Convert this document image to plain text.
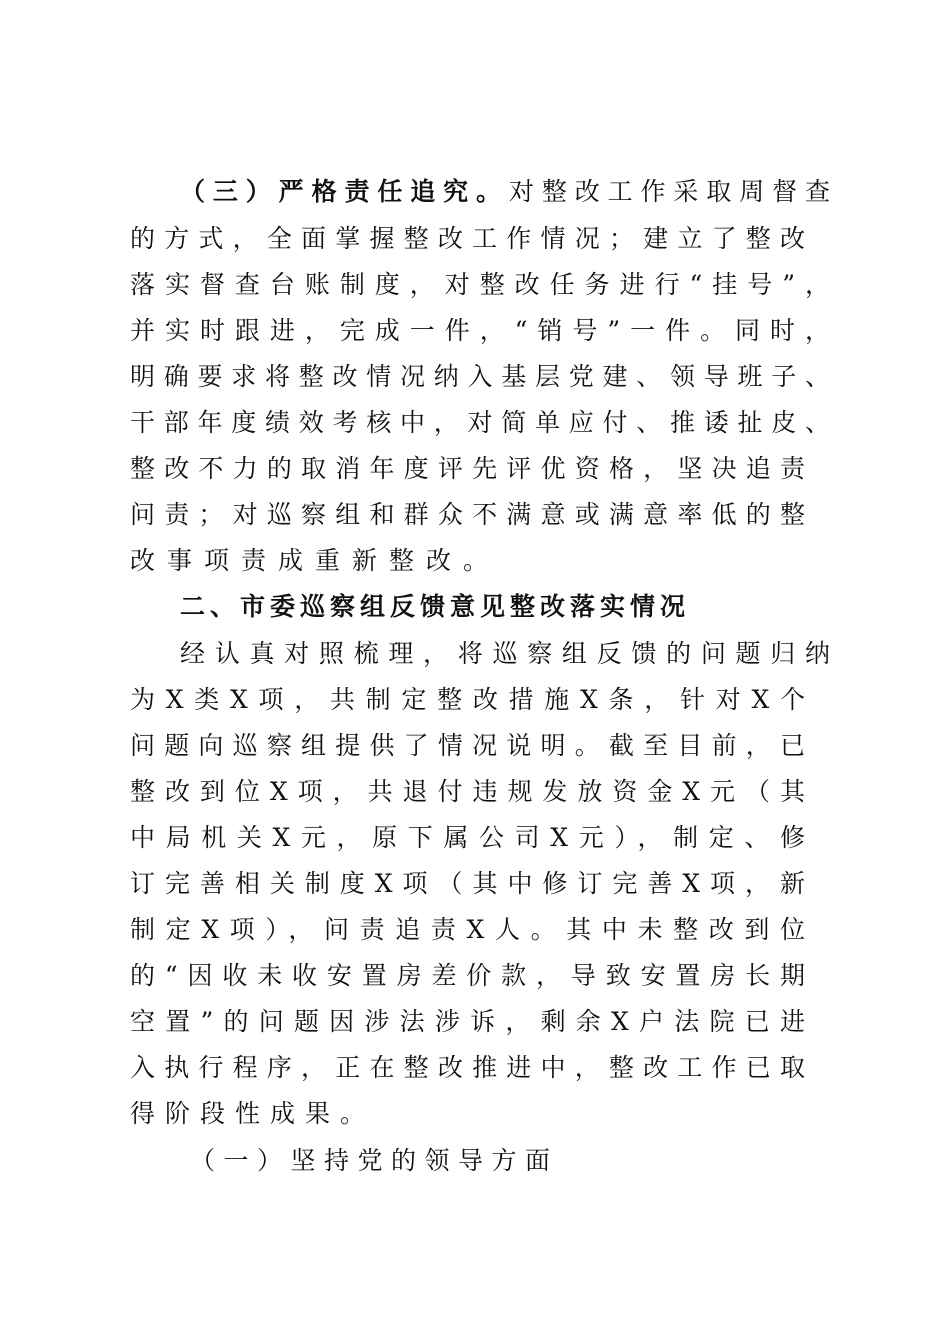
（三）严格责任追究。对整改工作采取周督查
的方式，全面掌握整改工作情况；建立了整改
落实督查台账制度，对整改任务进行“挂号”，
并实时跟进，完成一件，“销号”一件。同时，
明确要求将整改情况纳入基层党建、领导班子、
干部年度绩效考核中，对简单应付、推诿扯皮、
整改不力的取消年度评先评优资格，坚决追责
问责；对巡察组和群众不满意或满意率低的整
改事项责成重新整改。
二、市委巡察组反馈意见整改落实情况
经认真对照梳理，将巡察组反馈的问题归纳
为X类X项，共制定整改措施X条，针对X个
问题向巡察组提供了情况说明。截至目前，已
整改到位X项，共退付违规发放资金X元（其
中局机关X元，原下属公司X元），制定、修
订完善相关制度X项（其中修订完善X项，新
制定X项），问责追责X人。其中未整改到位
的“因收未收安置房差价款，导致安置房长期
空置”的问题因涉法涉诉，剩余X户法院已进
入执行程序，正在整改推进中，整改工作已取
得阶段性成果。
（一）坚持党的领导方面
